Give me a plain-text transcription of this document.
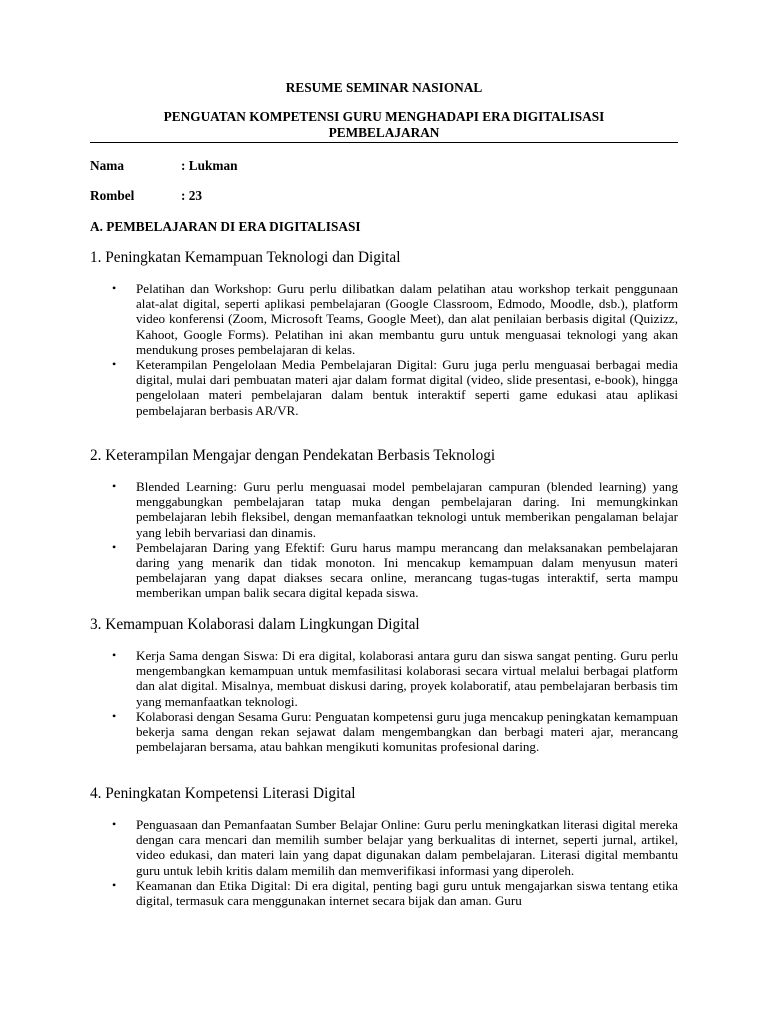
RESUME SEMINAR NASIONAL
PENGUATAN KOMPETENSI GURU MENGHADAPI ERA DIGITALISASI
PEMBELAJARAN
Nama	: Lukman
Rombel	: 23
A. PEMBELAJARAN DI ERA DIGITALISASI
1. Peningkatan Kemampuan Teknologi dan Digital
•	Pelatihan dan Workshop: Guru perlu dilibatkan dalam pelatihan atau workshop terkait penggunaan alat-alat digital, seperti aplikasi pembelajaran (Google Classroom, Edmodo, Moodle, dsb.), platform video konferensi (Zoom, Microsoft Teams, Google Meet), dan alat penilaian berbasis digital (Quizizz, Kahoot, Google Forms). Pelatihan ini akan membantu guru untuk menguasai teknologi yang akan mendukung proses pembelajaran di kelas.
•	Keterampilan Pengelolaan Media Pembelajaran Digital: Guru juga perlu menguasai berbagai media digital, mulai dari pembuatan materi ajar dalam format digital (video, slide presentasi, e-book), hingga pengelolaan materi pembelajaran dalam bentuk interaktif seperti game edukasi atau aplikasi pembelajaran berbasis AR/VR.
2. Keterampilan Mengajar dengan Pendekatan Berbasis Teknologi
•	Blended Learning: Guru perlu menguasai model pembelajaran campuran (blended learning) yang menggabungkan pembelajaran tatap muka dengan pembelajaran daring. Ini memungkinkan pembelajaran lebih fleksibel, dengan memanfaatkan teknologi untuk memberikan pengalaman belajar yang lebih bervariasi dan dinamis.
•	Pembelajaran Daring yang Efektif: Guru harus mampu merancang dan melaksanakan pembelajaran daring yang menarik dan tidak monoton. Ini mencakup kemampuan dalam menyusun materi pembelajaran yang dapat diakses secara online, merancang tugas-tugas interaktif, serta mampu memberikan umpan balik secara digital kepada siswa.
3. Kemampuan Kolaborasi dalam Lingkungan Digital
•	Kerja Sama dengan Siswa: Di era digital, kolaborasi antara guru dan siswa sangat penting. Guru perlu mengembangkan kemampuan untuk memfasilitasi kolaborasi secara virtual melalui berbagai platform dan alat digital. Misalnya, membuat diskusi daring, proyek kolaboratif, atau pembelajaran berbasis tim yang memanfaatkan teknologi.
•	Kolaborasi dengan Sesama Guru: Penguatan kompetensi guru juga mencakup peningkatan kemampuan bekerja sama dengan rekan sejawat dalam mengembangkan dan berbagi materi ajar, merancang pembelajaran bersama, atau bahkan mengikuti komunitas profesional daring.
4. Peningkatan Kompetensi Literasi Digital
•	Penguasaan dan Pemanfaatan Sumber Belajar Online: Guru perlu meningkatkan literasi digital mereka dengan cara mencari dan memilih sumber belajar yang berkualitas di internet, seperti jurnal, artikel, video edukasi, dan materi lain yang dapat digunakan dalam pembelajaran. Literasi digital membantu guru untuk lebih kritis dalam memilih dan memverifikasi informasi yang diperoleh.
•	Keamanan dan Etika Digital: Di era digital, penting bagi guru untuk mengajarkan siswa tentang etika digital, termasuk cara menggunakan internet secara bijak dan aman. Guru
